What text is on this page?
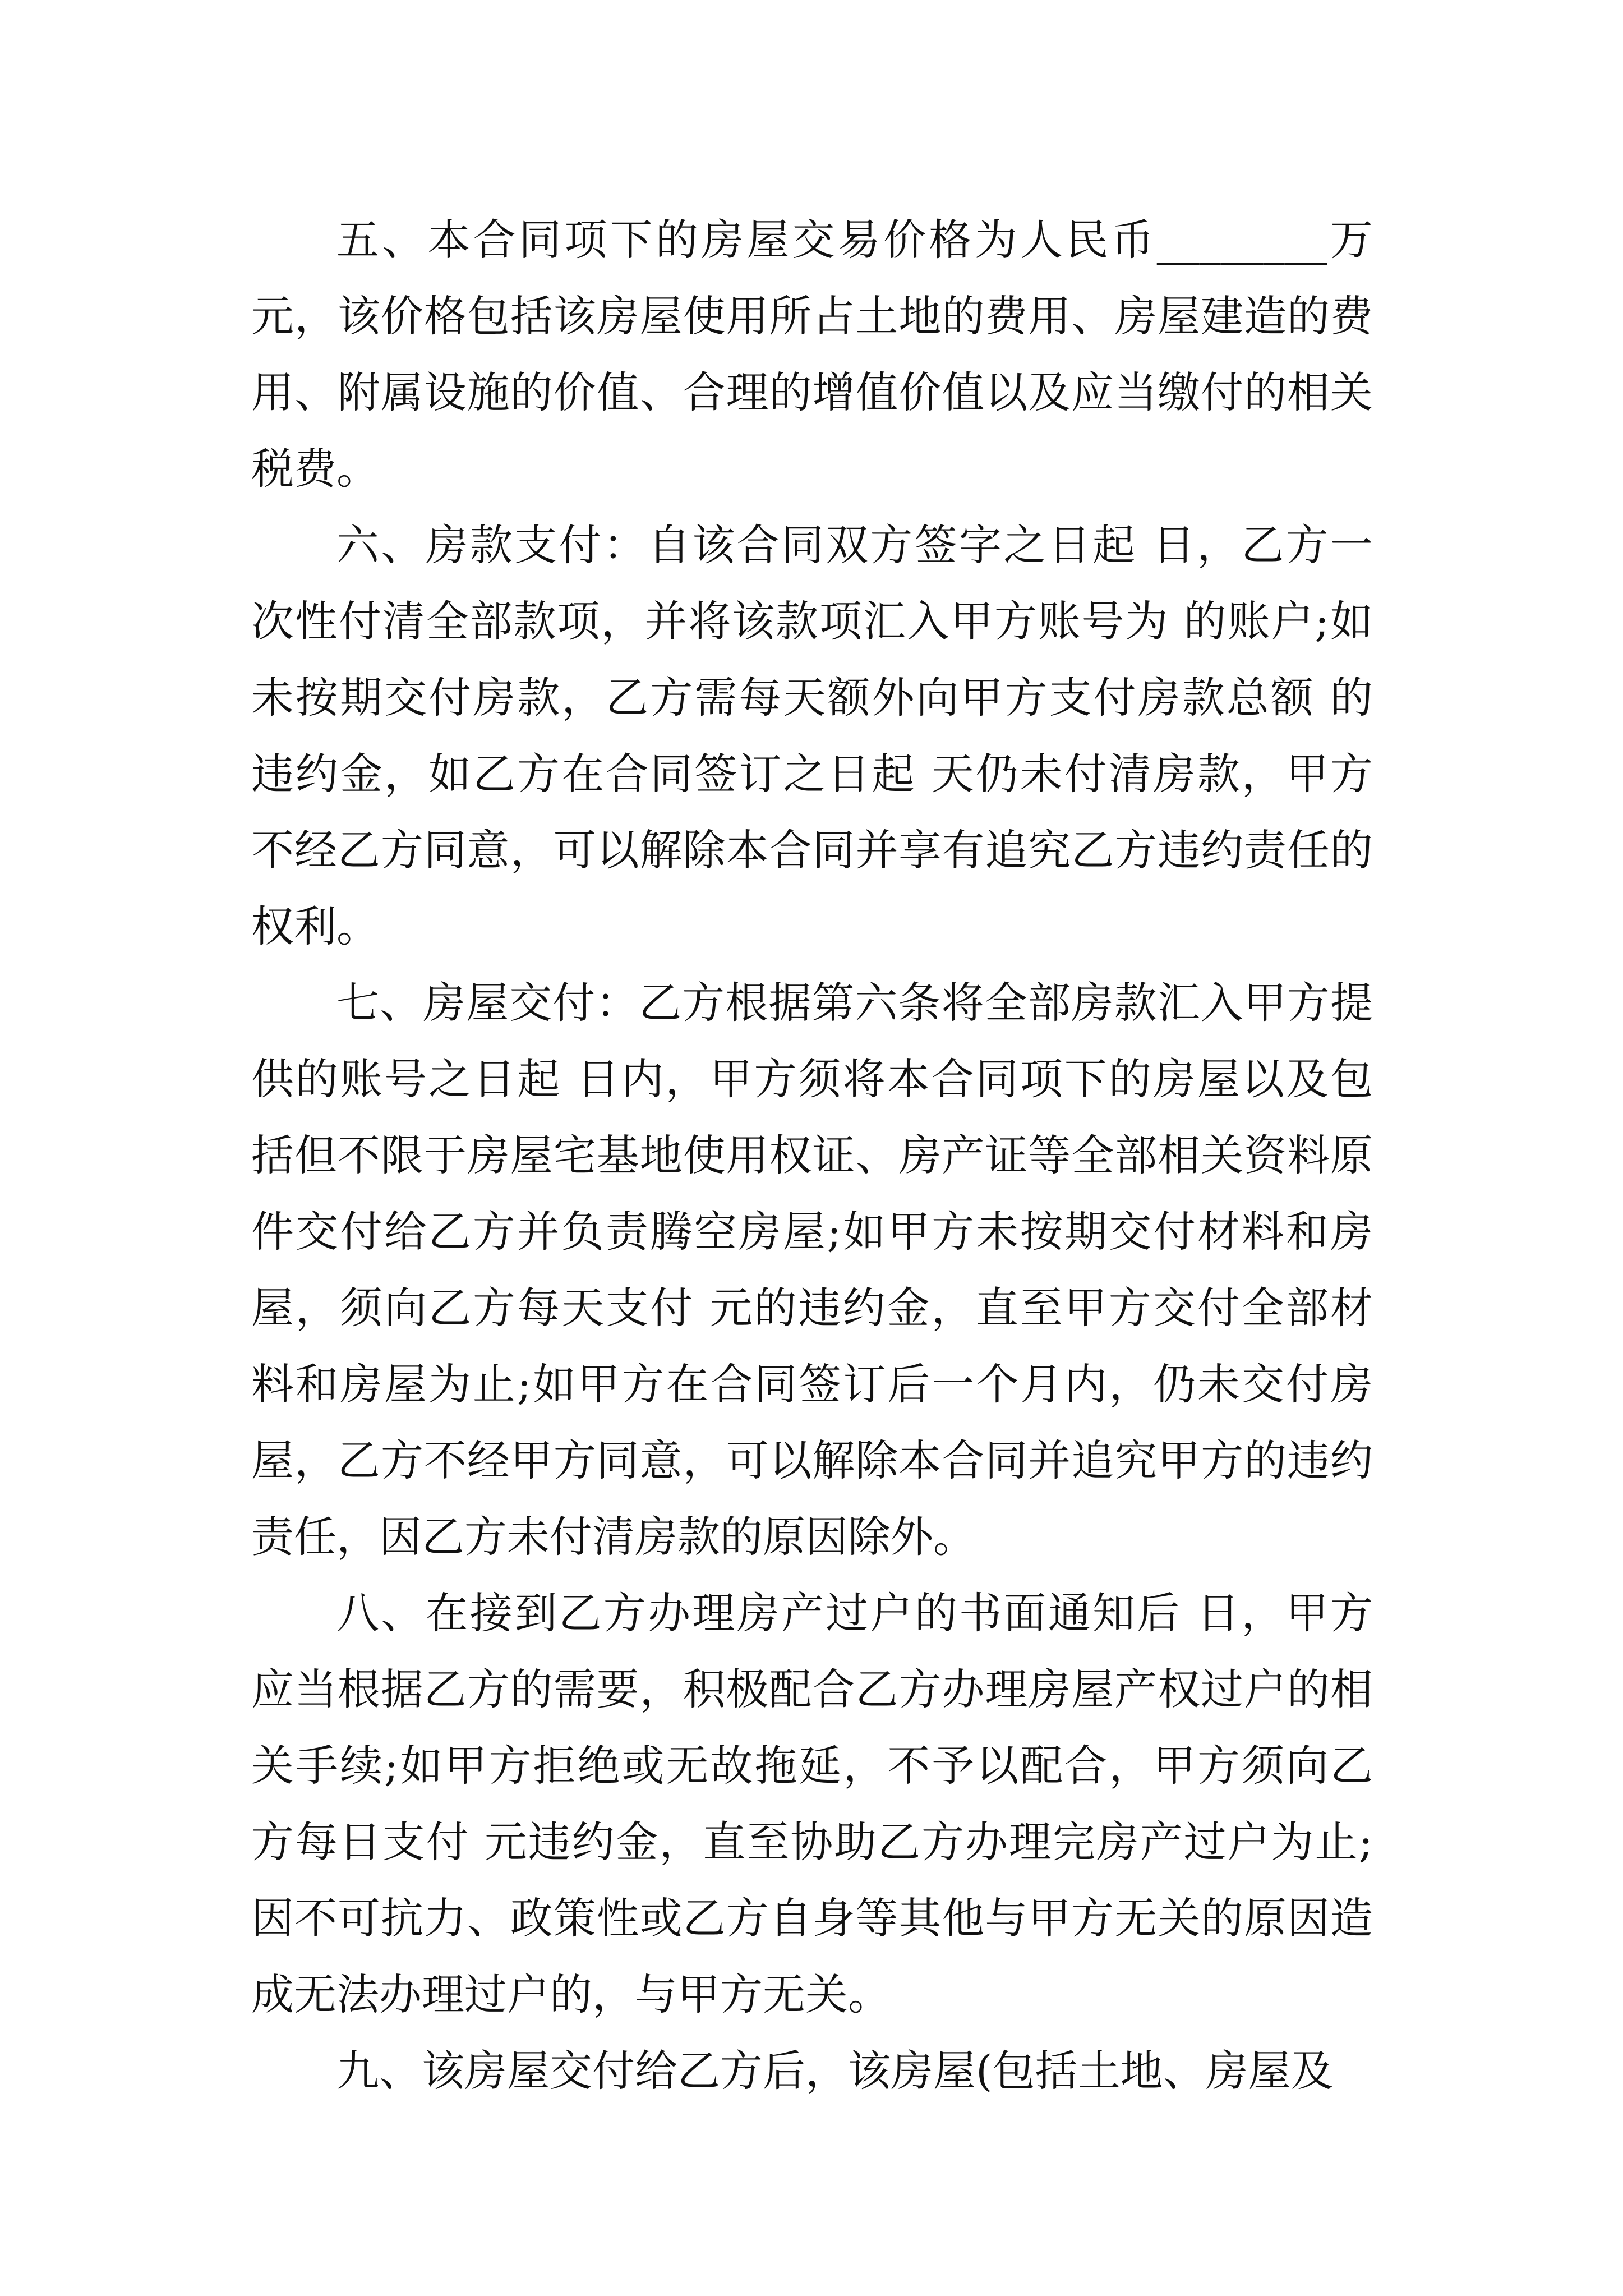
五、本合同项下的房屋交易价格为人民币________万元，该价格包括该房屋使用所占土地的费用、房屋建造的费用、附属设施的价值、合理的增值价值以及应当缴付的相关税费。

六、房款支付：自该合同双方签字之日起 日，乙方一次性付清全部款项，并将该款项汇入甲方账号为 的账户;如未按期交付房款，乙方需每天额外向甲方支付房款总额 的违约金，如乙方在合同签订之日起 天仍未付清房款，甲方不经乙方同意，可以解除本合同并享有追究乙方违约责任的权利。

七、房屋交付：乙方根据第六条将全部房款汇入甲方提供的账号之日起 日内，甲方须将本合同项下的房屋以及包括但不限于房屋宅基地使用权证、房产证等全部相关资料原件交付给乙方并负责腾空房屋;如甲方未按期交付材料和房屋，须向乙方每天支付 元的违约金，直至甲方交付全部材料和房屋为止;如甲方在合同签订后一个月内，仍未交付房屋，乙方不经甲方同意，可以解除本合同并追究甲方的违约责任，因乙方未付清房款的原因除外。

八、在接到乙方办理房产过户的书面通知后 日，甲方应当根据乙方的需要，积极配合乙方办理房屋产权过户的相关手续;如甲方拒绝或无故拖延，不予以配合，甲方须向乙方每日支付 元违约金，直至协助乙方办理完房产过户为止;因不可抗力、政策性或乙方自身等其他与甲方无关的原因造成无法办理过户的，与甲方无关。

九、该房屋交付给乙方后，该房屋(包括土地、房屋及
